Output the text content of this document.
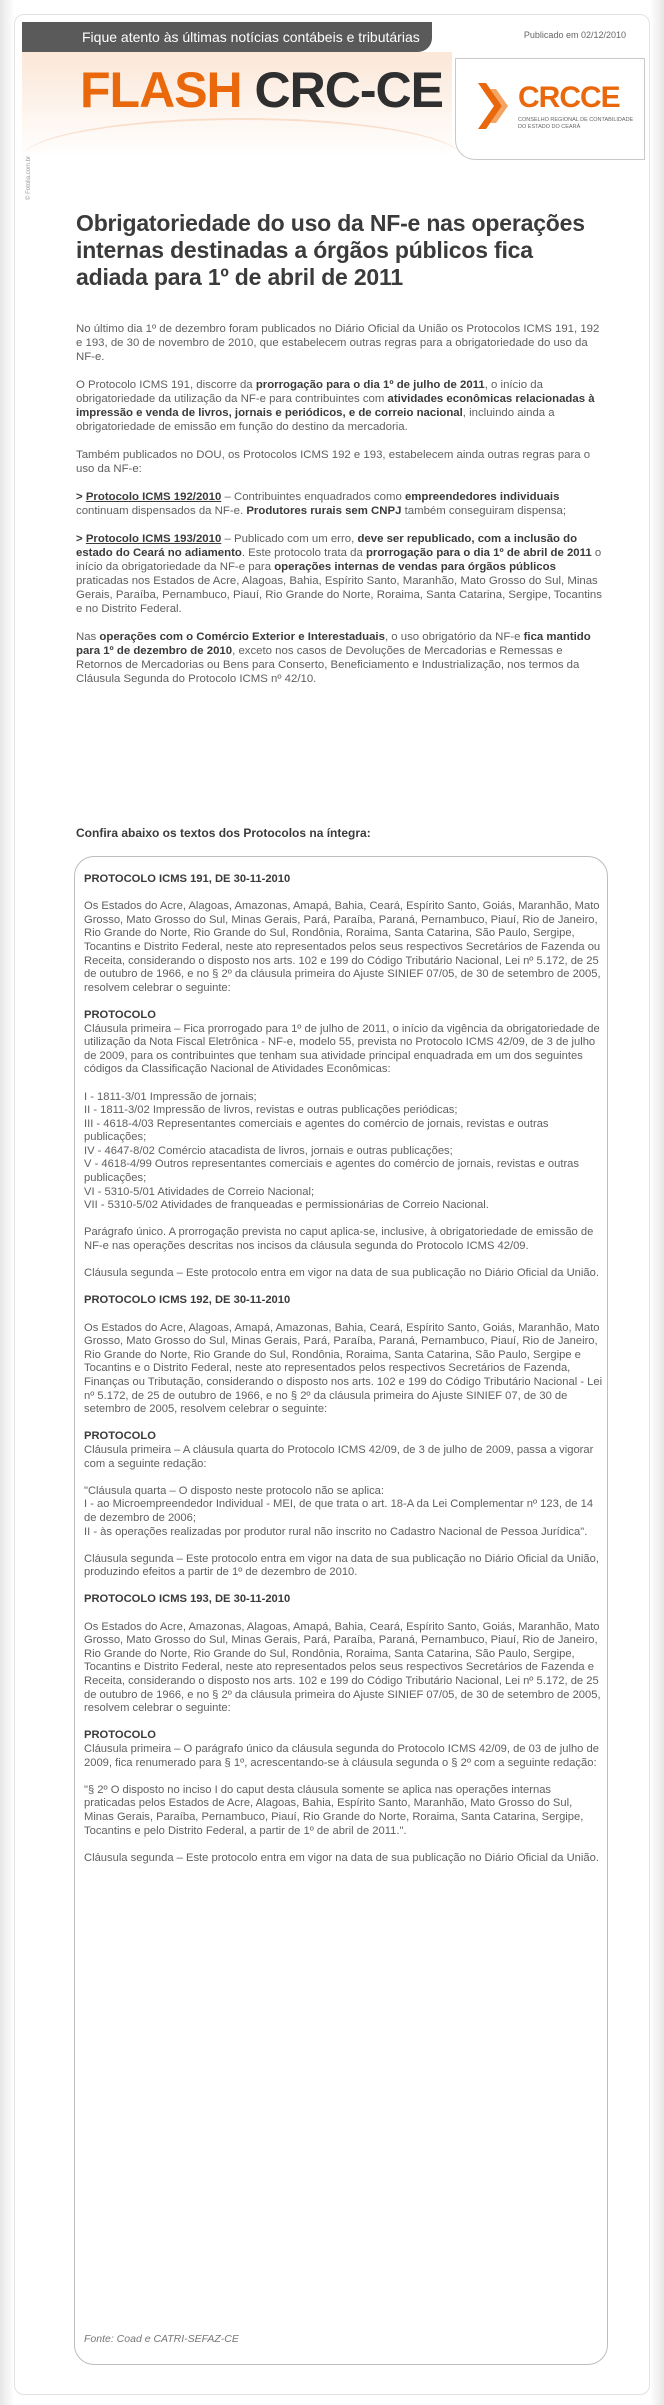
Fique atento às últimas notícias contábeis e tributárias	Publicado em 02/12/2010
FLASH CRC-CE	CRCCE
CONSELHO REGIONAL DE CONTABILIDADE DO ESTADO DO CEARÁ
© Fotolia.com.br
Obrigatoriedade do uso da NF-e nas operações internas destinadas a órgãos públicos fica adiada para 1º de abril de 2011

No último dia 1º de dezembro foram publicados no Diário Oficial da União os Protocolos ICMS 191, 192 e 193, de 30 de novembro de 2010, que estabelecem outras regras para a obrigatoriedade do uso da NF-e.

O Protocolo ICMS 191, discorre da prorrogação para o dia 1º de julho de 2011, o início da obrigatoriedade da utilização da NF-e para contribuintes com atividades econômicas relacionadas à impressão e venda de livros, jornais e periódicos, e de correio nacional, incluindo ainda a obrigatoriedade de emissão em função do destino da mercadoria.

Também publicados no DOU, os Protocolos ICMS 192 e 193, estabelecem ainda outras regras para o uso da NF-e:

> Protocolo ICMS 192/2010 – Contribuintes enquadrados como empreendedores individuais continuam dispensados da NF-e. Produtores rurais sem CNPJ também conseguiram dispensa;

> Protocolo ICMS 193/2010 – Publicado com um erro, deve ser republicado, com a inclusão do estado do Ceará no adiamento. Este protocolo trata da prorrogação para o dia 1º de abril de 2011 o início da obrigatoriedade da NF-e para operações internas de vendas para órgãos públicos praticadas nos Estados de Acre, Alagoas, Bahia, Espírito Santo, Maranhão, Mato Grosso do Sul, Minas Gerais, Paraíba, Pernambuco, Piauí, Rio Grande do Norte, Roraima, Santa Catarina, Sergipe, Tocantins e no Distrito Federal.

Nas operações com o Comércio Exterior e Interestaduais, o uso obrigatório da NF-e fica mantido para 1º de dezembro de 2010, exceto nos casos de Devoluções de Mercadorias e Remessas e Retornos de Mercadorias ou Bens para Conserto, Beneficiamento e Industrialização, nos termos da Cláusula Segunda do Protocolo ICMS nº 42/10.

Confira abaixo os textos dos Protocolos na íntegra:
PROTOCOLO ICMS 191, DE 30-11-2010

Os Estados do Acre, Alagoas, Amazonas, Amapá, Bahia, Ceará, Espírito Santo, Goiás, Maranhão, Mato Grosso, Mato Grosso do Sul, Minas Gerais, Pará, Paraíba, Paraná, Pernambuco, Piauí, Rio de Janeiro, Rio Grande do Norte, Rio Grande do Sul, Rondônia, Roraima, Santa Catarina, São Paulo, Sergipe, Tocantins e Distrito Federal, neste ato representados pelos seus respectivos Secretários de Fazenda ou Receita, considerando o disposto nos arts. 102 e 199 do Código Tributário Nacional, Lei nº 5.172, de 25 de outubro de 1966, e no § 2º da cláusula primeira do Ajuste SINIEF 07/05, de 30 de setembro de 2005, resolvem celebrar o seguinte:

PROTOCOLO

Cláusula primeira – Fica prorrogado para 1º de julho de 2011, o início da vigência da obrigatoriedade de utilização da Nota Fiscal Eletrônica - NF-e, modelo 55, prevista no Protocolo ICMS 42/09, de 3 de julho de 2009, para os contribuintes que tenham sua atividade principal enquadrada em um dos seguintes códigos da Classificação Nacional de Atividades Econômicas:

I - 1811-3/01 Impressão de jornais;
II - 1811-3/02 Impressão de livros, revistas e outras publicações periódicas;
III - 4618-4/03 Representantes comerciais e agentes do comércio de jornais, revistas e outras publicações;
IV - 4647-8/02 Comércio atacadista de livros, jornais e outras publicações;
V - 4618-4/99 Outros representantes comerciais e agentes do comércio de jornais, revistas e outras publicações;
VI - 5310-5/01 Atividades de Correio Nacional;
VII - 5310-5/02 Atividades de franqueadas e permissionárias de Correio Nacional.

Parágrafo único. A prorrogação prevista no caput aplica-se, inclusive, à obrigatoriedade de emissão de NF-e nas operações descritas nos incisos da cláusula segunda do Protocolo ICMS 42/09.

Cláusula segunda – Este protocolo entra em vigor na data de sua publicação no Diário Oficial da União.

PROTOCOLO ICMS 192, DE 30-11-2010

Os Estados do Acre, Alagoas, Amapá, Amazonas, Bahia, Ceará, Espírito Santo, Goiás, Maranhão, Mato Grosso, Mato Grosso do Sul, Minas Gerais, Pará, Paraíba, Paraná, Pernambuco, Piauí, Rio de Janeiro, Rio Grande do Norte, Rio Grande do Sul, Rondônia, Roraima, Santa Catarina, São Paulo, Sergipe e Tocantins e o Distrito Federal, neste ato representados pelos respectivos Secretários de Fazenda, Finanças ou Tributação, considerando o disposto nos arts. 102 e 199 do Código Tributário Nacional - Lei nº 5.172, de 25 de outubro de 1966, e no § 2º da cláusula primeira do Ajuste SINIEF 07, de 30 de setembro de 2005, resolvem celebrar o seguinte:

PROTOCOLO

Cláusula primeira – A cláusula quarta do Protocolo ICMS 42/09, de 3 de julho de 2009, passa a vigorar com a seguinte redação:

"Cláusula quarta – O disposto neste protocolo não se aplica:
I - ao Microempreendedor Individual - MEI, de que trata o art. 18-A da Lei Complementar nº 123, de 14 de dezembro de 2006;
II - às operações realizadas por produtor rural não inscrito no Cadastro Nacional de Pessoa Jurídica".

Cláusula segunda – Este protocolo entra em vigor na data de sua publicação no Diário Oficial da União, produzindo efeitos a partir de 1º de dezembro de 2010.

PROTOCOLO ICMS 193, DE 30-11-2010

Os Estados do Acre, Amazonas, Alagoas, Amapá, Bahia, Ceará, Espírito Santo, Goiás, Maranhão, Mato Grosso, Mato Grosso do Sul, Minas Gerais, Pará, Paraíba, Paraná, Pernambuco, Piauí, Rio de Janeiro, Rio Grande do Norte, Rio Grande do Sul, Rondônia, Roraima, Santa Catarina, São Paulo, Sergipe, Tocantins e Distrito Federal, neste ato representados pelos seus respectivos Secretários de Fazenda e Receita, considerando o disposto nos arts. 102 e 199 do Código Tributário Nacional, Lei nº 5.172, de 25 de outubro de 1966, e no § 2º da cláusula primeira do Ajuste SINIEF 07/05, de 30 de setembro de 2005, resolvem celebrar o seguinte:

PROTOCOLO

Cláusula primeira – O parágrafo único da cláusula segunda do Protocolo ICMS 42/09, de 03 de julho de 2009, fica renumerado para § 1º, acrescentando-se à cláusula segunda o § 2º com a seguinte redação:

"§ 2º O disposto no inciso I do caput desta cláusula somente se aplica nas operações internas praticadas pelos Estados de Acre, Alagoas, Bahia, Espírito Santo, Maranhão, Mato Grosso do Sul, Minas Gerais, Paraíba, Pernambuco, Piauí, Rio Grande do Norte, Roraima, Santa Catarina, Sergipe, Tocantins e pelo Distrito Federal, a partir de 1º de abril de 2011.".

Cláusula segunda – Este protocolo entra em vigor na data de sua publicação no Diário Oficial da União.

Fonte: Coad e CATRI-SEFAZ-CE
